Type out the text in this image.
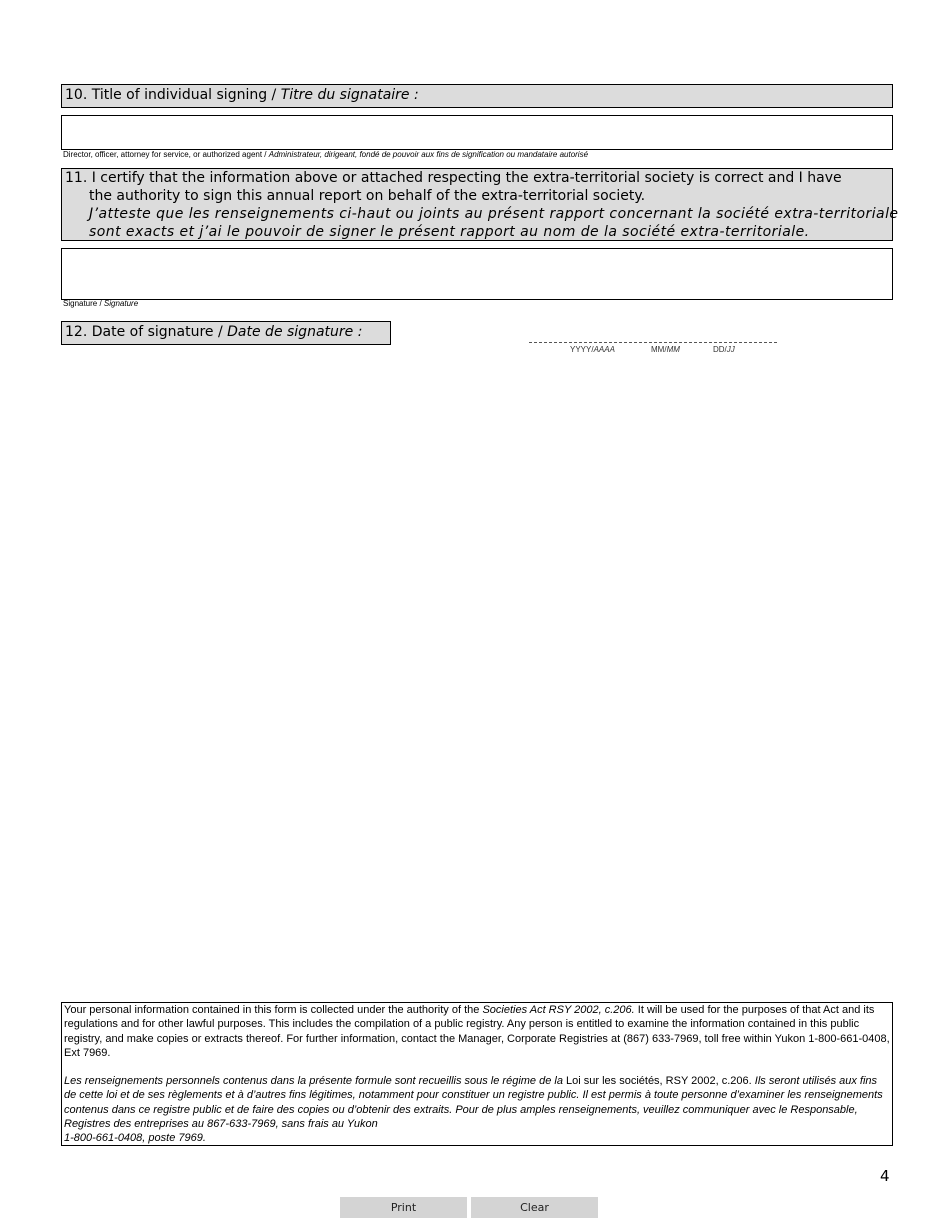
10. Title of individual signing / Titre du signataire :
Director, officer, attorney for service, or authorized agent / Administrateur, dirigeant, fondé de pouvoir aux fins de signification ou mandataire autorisé
11. I certify that the information above or attached respecting the extra-territorial society is correct and I have
the authority to sign this annual report on behalf of the extra-territorial society.
J’atteste que les renseignements ci-haut ou joints au présent rapport concernant la société extra-territoriale
sont exacts et j’ai le pouvoir de signer le présent rapport au nom de la société extra-territoriale.
Signature / Signature
12. Date of signature / Date de signature :
YYYY/AAAA	MM/MM	DD/JJ

Your personal information contained in this form is collected under the authority of the Societies Act RSY 2002, c.206. It will be used for the purposes of that Act and its regulations and for other lawful purposes. This includes the compilation of a public registry. Any person is entitled to examine the information contained in this public registry, and make copies or extracts thereof. For further information, contact the Manager, Corporate Registries at (867) 633-7969, toll free within Yukon 1-800-661-0408, Ext 7969.

Les renseignements personnels contenus dans la présente formule sont recueillis sous le régime de la Loi sur les sociétés, RSY 2002, c.206. Ils seront utilisés aux fins de cette loi et de ses règlements et à d’autres fins légitimes, notamment pour constituer un registre public. Il est permis à toute personne d’examiner les renseignements contenus dans ce registre public et de faire des copies ou d’obtenir des extraits. Pour de plus amples renseignements, veuillez communiquer avec le Responsable, Registres des entreprises au 867-633-7969, sans frais au Yukon
1-800-661-0408, poste 7969.

4
Print	Clear
